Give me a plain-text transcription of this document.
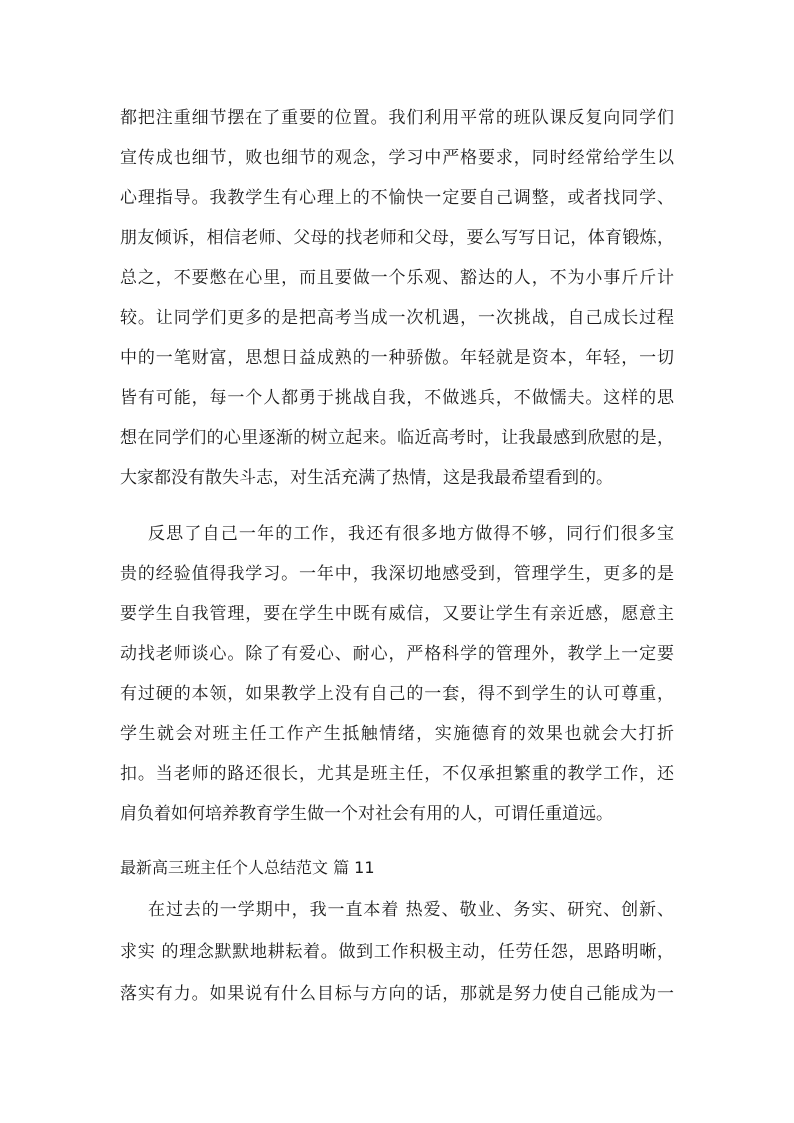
都把注重细节摆在了重要的位置。我们利用平常的班队课反复向同学们
宣传成也细节，败也细节的观念，学习中严格要求，同时经常给学生以
心理指导。我教学生有心理上的不愉快一定要自己调整，或者找同学、
朋友倾诉，相信老师、父母的找老师和父母，要么写写日记，体育锻炼，
总之，不要憋在心里，而且要做一个乐观、豁达的人，不为小事斤斤计
较。让同学们更多的是把高考当成一次机遇，一次挑战，自己成长过程
中的一笔财富，思想日益成熟的一种骄傲。年轻就是资本，年轻，一切
皆有可能，每一个人都勇于挑战自我，不做逃兵，不做懦夫。这样的思
想在同学们的心里逐渐的树立起来。临近高考时，让我最感到欣慰的是，
大家都没有散失斗志，对生活充满了热情，这是我最希望看到的。
反思了自己一年的工作，我还有很多地方做得不够，同行们很多宝
贵的经验值得我学习。一年中，我深切地感受到，管理学生，更多的是
要学生自我管理，要在学生中既有威信，又要让学生有亲近感，愿意主
动找老师谈心。除了有爱心、耐心，严格科学的管理外，教学上一定要
有过硬的本领，如果教学上没有自己的一套，得不到学生的认可尊重，
学生就会对班主任工作产生抵触情绪，实施德育的效果也就会大打折
扣。当老师的路还很长，尤其是班主任，不仅承担繁重的教学工作，还
肩负着如何培养教育学生做一个对社会有用的人，可谓任重道远。
最新高三班主任个人总结范文 篇 11
在过去的一学期中，我一直本着 热爱、敬业、务实、研究、创新、
求实 的理念默默地耕耘着。做到工作积极主动，任劳任怨，思路明晰，
落实有力。如果说有什么目标与方向的话，那就是努力使自己能成为一
